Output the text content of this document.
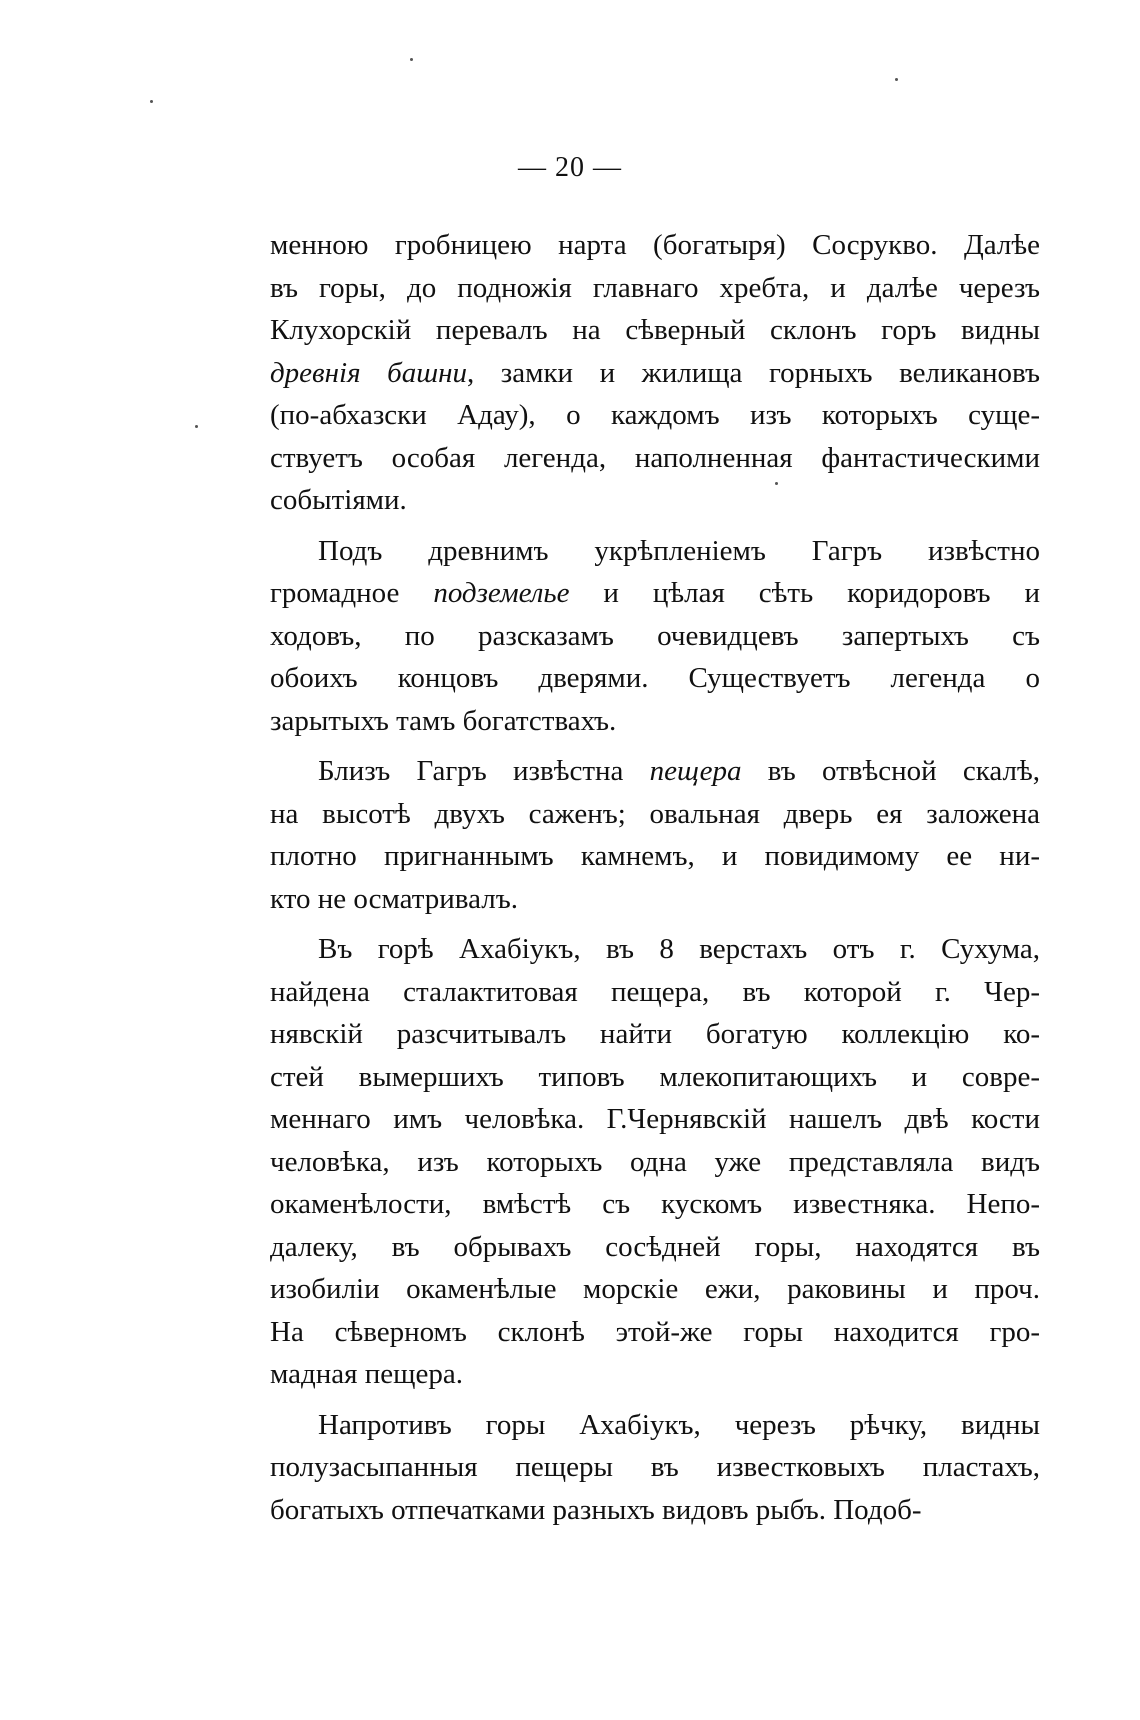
— 20 —
менною гробницею нарта (богатыря) Сосрукво. Далѣе
въ горы, до подножія главнаго хребта, и далѣе черезъ
Клухорскій перевалъ на сѣверный склонъ горъ видны
древнія башни, замки и жилища горныхъ великановъ
(по-абхазски Адау), о каждомъ изъ которыхъ суще-
ствуетъ особая легенда, наполненная фантастическими
событіями.
Подъ древнимъ укрѣпленіемъ Гагръ извѣстно
громадное подземелье и цѣлая сѣть коридоровъ и
ходовъ, по разсказамъ очевидцевъ запертыхъ съ
обоихъ концовъ дверями. Существуетъ легенда о
зарытыхъ тамъ богатствахъ.
Близъ Гагръ извѣстна пещера въ отвѣсной скалѣ,
на высотѣ двухъ саженъ; овальная дверь ея заложена
плотно пригнаннымъ камнемъ, и повидимому ее ни-
кто не осматривалъ.
Въ горѣ Ахабіукъ, въ 8 верстахъ отъ г. Сухума,
найдена сталактитовая пещера, въ которой г. Чер-
нявскій разсчитывалъ найти богатую коллекцію ко-
стей вымершихъ типовъ млекопитающихъ и совре-
меннаго имъ человѣка. Г.Чернявскій нашелъ двѣ кости
человѣка, изъ которыхъ одна уже представляла видъ
окаменѣлости, вмѣстѣ съ кускомъ известняка. Непо-
далеку, въ обрывахъ сосѣдней горы, находятся въ
изобиліи окаменѣлые морскіе ежи, раковины и проч.
На сѣверномъ склонѣ этой-же горы находится гро-
мадная пещера.
Напротивъ горы Ахабіукъ, черезъ рѣчку, видны
полузасыпанныя пещеры въ известковыхъ пластахъ,
богатыхъ отпечатками разныхъ видовъ рыбъ. Подоб-
